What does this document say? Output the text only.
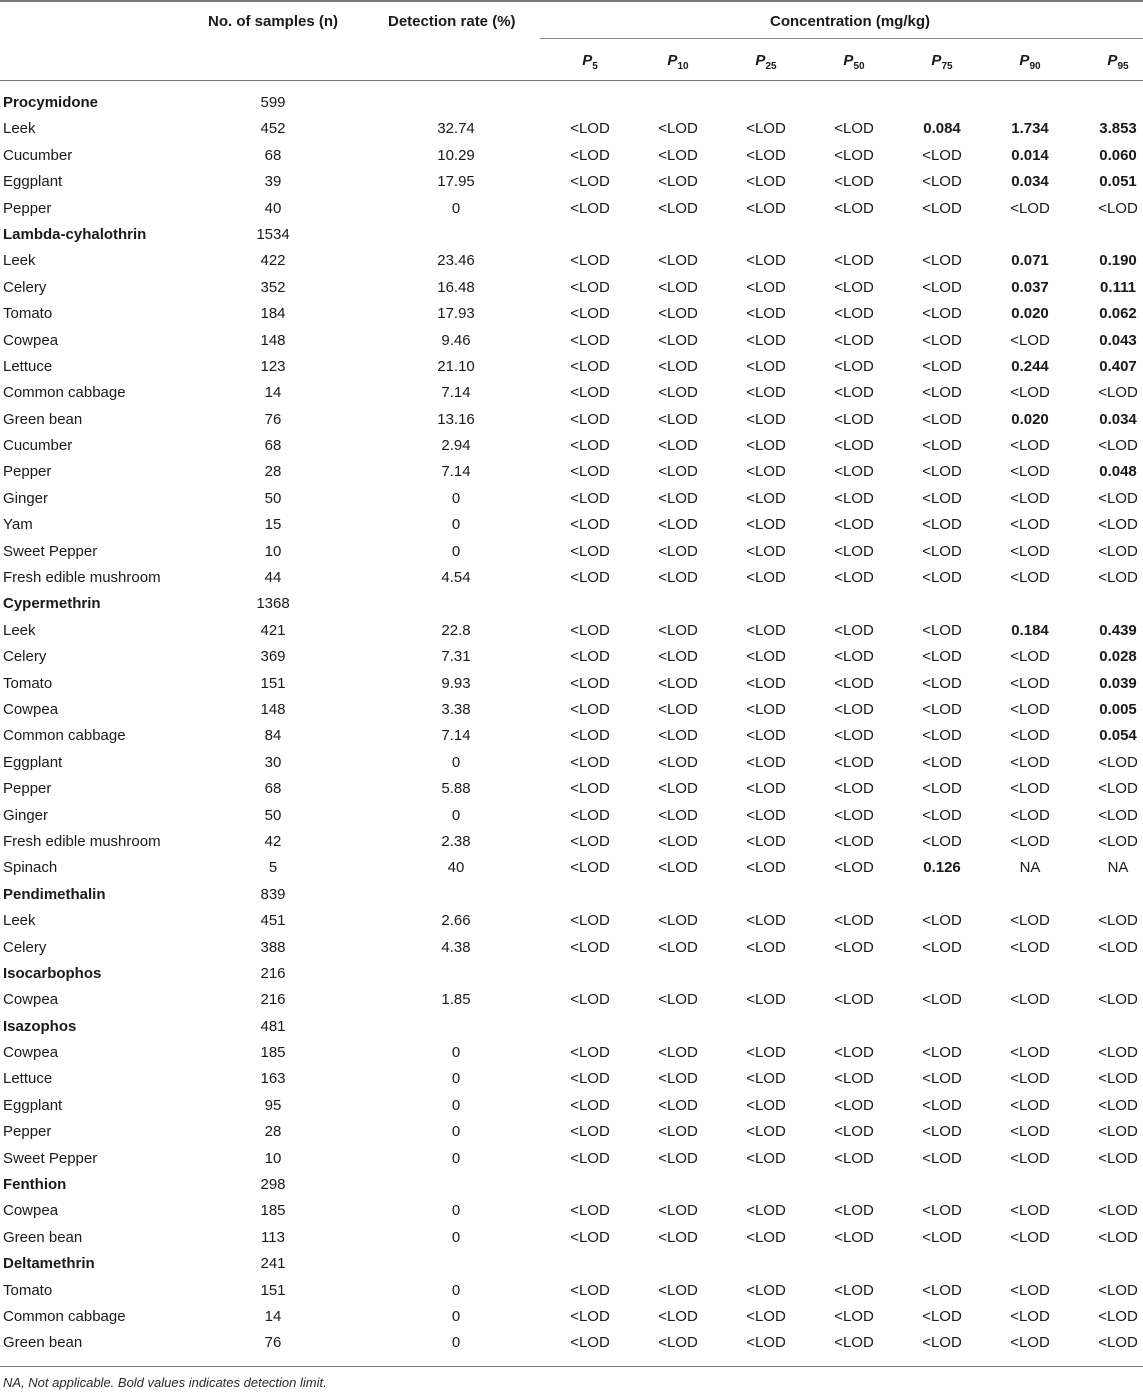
No. of samples (n)	Detection rate (%)	Concentration (mg/kg)
$P_5$	$P_{10}$	$P_{25}$	$P_{50}$	$P_{75}$	$P_{90}$	$P_{95}$
Procymidone	599
Leek	452	32.74	<LOD	<LOD	<LOD	<LOD	0.084	1.734	3.853
Cucumber	68	10.29	<LOD	<LOD	<LOD	<LOD	<LOD	0.014	0.060
Eggplant	39	17.95	<LOD	<LOD	<LOD	<LOD	<LOD	0.034	0.051
Pepper	40	0	<LOD	<LOD	<LOD	<LOD	<LOD	<LOD	<LOD
Lambda-cyhalothrin	1534
Leek	422	23.46	<LOD	<LOD	<LOD	<LOD	<LOD	0.071	0.190
Celery	352	16.48	<LOD	<LOD	<LOD	<LOD	<LOD	0.037	0.111
Tomato	184	17.93	<LOD	<LOD	<LOD	<LOD	<LOD	0.020	0.062
Cowpea	148	9.46	<LOD	<LOD	<LOD	<LOD	<LOD	<LOD	0.043
Lettuce	123	21.10	<LOD	<LOD	<LOD	<LOD	<LOD	0.244	0.407
Common cabbage	14	7.14	<LOD	<LOD	<LOD	<LOD	<LOD	<LOD	<LOD
Green bean	76	13.16	<LOD	<LOD	<LOD	<LOD	<LOD	0.020	0.034
Cucumber	68	2.94	<LOD	<LOD	<LOD	<LOD	<LOD	<LOD	<LOD
Pepper	28	7.14	<LOD	<LOD	<LOD	<LOD	<LOD	<LOD	0.048
Ginger	50	0	<LOD	<LOD	<LOD	<LOD	<LOD	<LOD	<LOD
Yam	15	0	<LOD	<LOD	<LOD	<LOD	<LOD	<LOD	<LOD
Sweet Pepper	10	0	<LOD	<LOD	<LOD	<LOD	<LOD	<LOD	<LOD
Fresh edible mushroom	44	4.54	<LOD	<LOD	<LOD	<LOD	<LOD	<LOD	<LOD
Cypermethrin	1368
Leek	421	22.8	<LOD	<LOD	<LOD	<LOD	<LOD	0.184	0.439
Celery	369	7.31	<LOD	<LOD	<LOD	<LOD	<LOD	<LOD	0.028
Tomato	151	9.93	<LOD	<LOD	<LOD	<LOD	<LOD	<LOD	0.039
Cowpea	148	3.38	<LOD	<LOD	<LOD	<LOD	<LOD	<LOD	0.005
Common cabbage	84	7.14	<LOD	<LOD	<LOD	<LOD	<LOD	<LOD	0.054
Eggplant	30	0	<LOD	<LOD	<LOD	<LOD	<LOD	<LOD	<LOD
Pepper	68	5.88	<LOD	<LOD	<LOD	<LOD	<LOD	<LOD	<LOD
Ginger	50	0	<LOD	<LOD	<LOD	<LOD	<LOD	<LOD	<LOD
Fresh edible mushroom	42	2.38	<LOD	<LOD	<LOD	<LOD	<LOD	<LOD	<LOD
Spinach	5	40	<LOD	<LOD	<LOD	<LOD	0.126	NA	NA
Pendimethalin	839
Leek	451	2.66	<LOD	<LOD	<LOD	<LOD	<LOD	<LOD	<LOD
Celery	388	4.38	<LOD	<LOD	<LOD	<LOD	<LOD	<LOD	<LOD
Isocarbophos	216
Cowpea	216	1.85	<LOD	<LOD	<LOD	<LOD	<LOD	<LOD	<LOD
Isazophos	481
Cowpea	185	0	<LOD	<LOD	<LOD	<LOD	<LOD	<LOD	<LOD
Lettuce	163	0	<LOD	<LOD	<LOD	<LOD	<LOD	<LOD	<LOD
Eggplant	95	0	<LOD	<LOD	<LOD	<LOD	<LOD	<LOD	<LOD
Pepper	28	0	<LOD	<LOD	<LOD	<LOD	<LOD	<LOD	<LOD
Sweet Pepper	10	0	<LOD	<LOD	<LOD	<LOD	<LOD	<LOD	<LOD
Fenthion	298
Cowpea	185	0	<LOD	<LOD	<LOD	<LOD	<LOD	<LOD	<LOD
Green bean	113	0	<LOD	<LOD	<LOD	<LOD	<LOD	<LOD	<LOD
Deltamethrin	241
Tomato	151	0	<LOD	<LOD	<LOD	<LOD	<LOD	<LOD	<LOD
Common cabbage	14	0	<LOD	<LOD	<LOD	<LOD	<LOD	<LOD	<LOD
Green bean	76	0	<LOD	<LOD	<LOD	<LOD	<LOD	<LOD	<LOD
NA, Not applicable. Bold values indicates detection limit.
